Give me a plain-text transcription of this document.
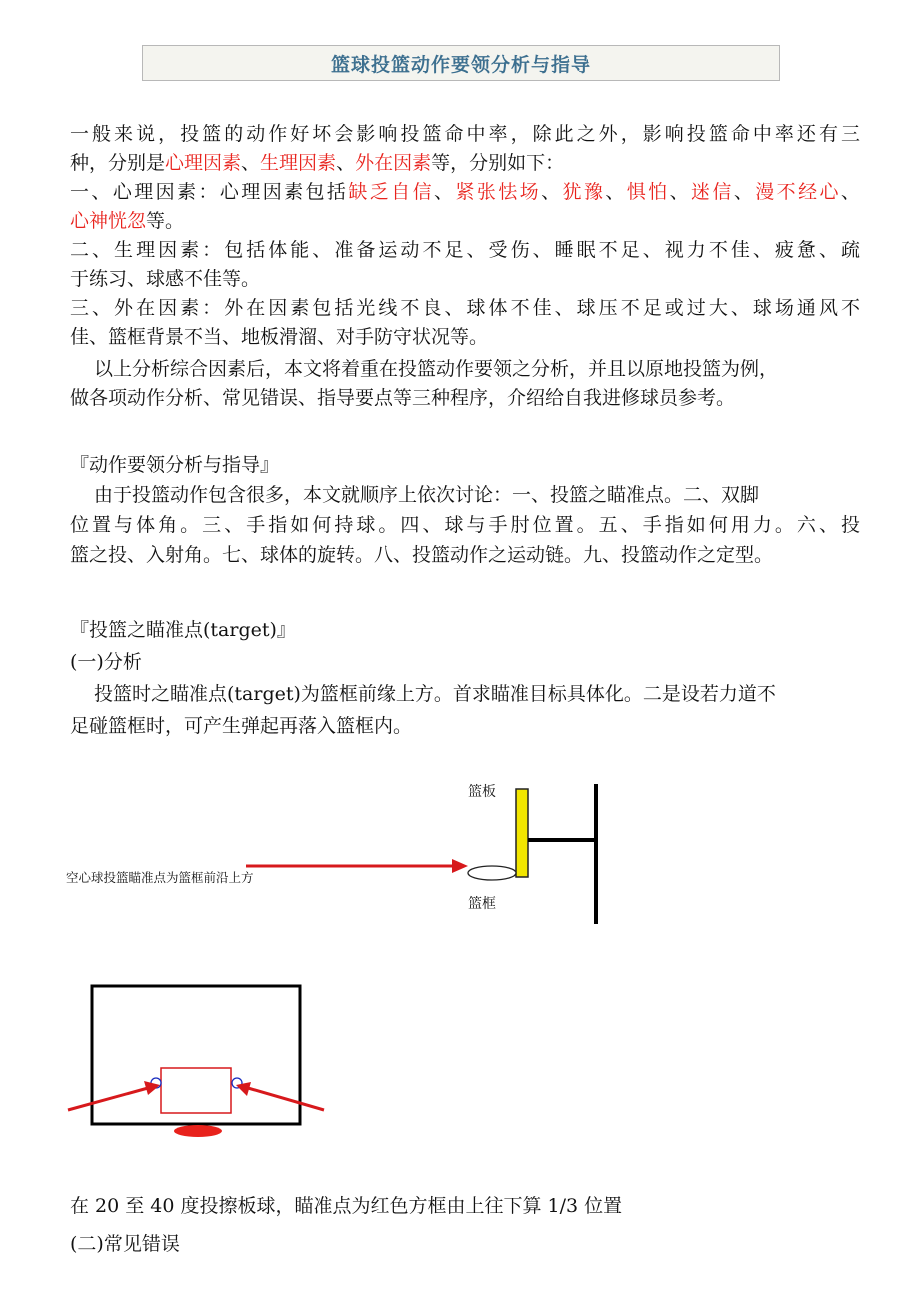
篮球投篮动作要领分析与指导

一般来说，投篮的动作好坏会影响投篮命中率，除此之外，影响投篮命中率还有三

种，分别是心理因素、生理因素、外在因素等，分别如下：

一、心理因素：心理因素包括缺乏自信、紧张怯场、犹豫、惧怕、迷信、漫不经心、

心神恍忽等。

二、生理因素：包括体能、准备运动不足、受伤、睡眠不足、视力不佳、疲惫、疏

于练习、球感不佳等。

三、外在因素：外在因素包括光线不良、球体不佳、球压不足或过大、球场通风不

佳、篮框背景不当、地板滑溜、对手防守状况等。

以上分析综合因素后，本文将着重在投篮动作要领之分析，并且以原地投篮为例，

做各项动作分析、常见错误、指导要点等三种程序，介绍给自我进修球员参考。

『动作要领分析与指导』

由于投篮动作包含很多，本文就顺序上依次讨论：一、投篮之瞄准点。二、双脚

位置与体角。三、手指如何持球。四、球与手肘位置。五、手指如何用力。六、投

篮之投、入射角。七、球体的旋转。八、投篮动作之运动链。九、投篮动作之定型。

『投篮之瞄准点(target)』

(一)分析

投篮时之瞄准点(target)为篮框前缘上方。首求瞄准目标具体化。二是设若力道不

足碰篮框时，可产生弹起再落入篮框内。

篮板
篮框
空心球投篮瞄准点为篮框前沿上方

在 20 至 40 度投擦板球，瞄准点为红色方框由上往下算 1/3 位置

(二)常见错误
